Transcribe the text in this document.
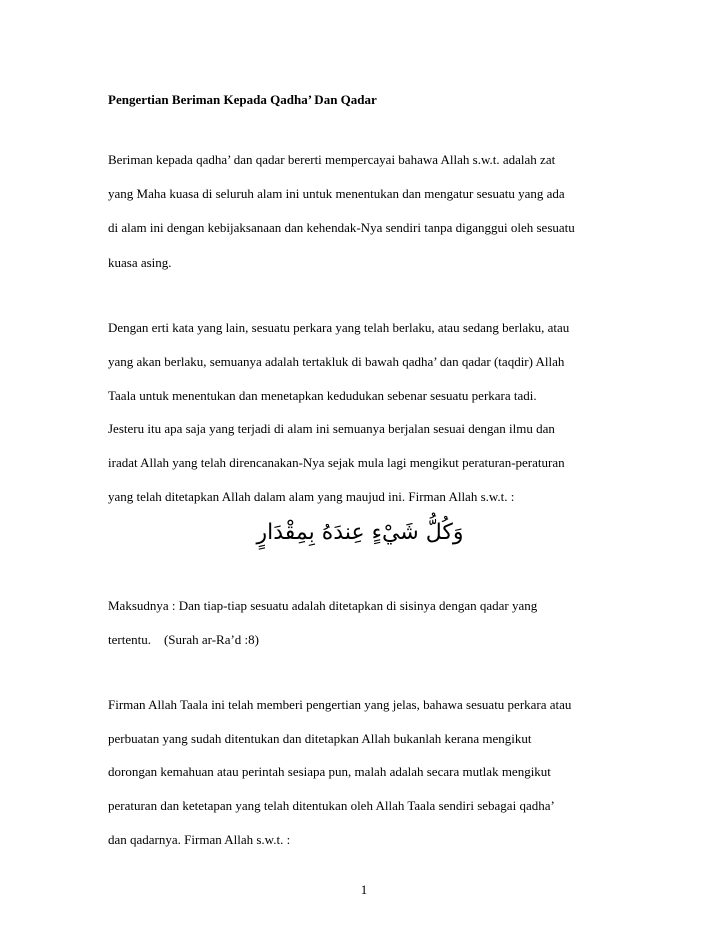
Pengertian Beriman Kepada Qadha’ Dan Qadar
Beriman kepada qadha’ dan qadar bererti mempercayai bahawa Allah s.w.t. adalah zat
yang Maha kuasa di seluruh alam ini untuk menentukan dan mengatur sesuatu yang ada
di alam ini dengan kebijaksanaan dan kehendak-Nya sendiri tanpa diganggui oleh sesuatu
kuasa asing.
Dengan erti kata yang lain, sesuatu perkara yang telah berlaku, atau sedang berlaku, atau
yang akan berlaku, semuanya adalah tertakluk di bawah qadha’ dan qadar (taqdir) Allah
Taala untuk menentukan dan menetapkan kedudukan sebenar sesuatu perkara tadi.
Jesteru itu apa saja yang terjadi di alam ini semuanya berjalan sesuai dengan ilmu dan
iradat Allah yang telah direncanakan-Nya sejak mula lagi mengikut peraturan-peraturan
yang telah ditetapkan Allah dalam alam yang maujud ini. Firman Allah s.w.t. :
وَكُلُّ شَيْءٍ عِندَهُ بِمِقْدَارٍ
Maksudnya : Dan tiap-tiap sesuatu adalah ditetapkan di sisinya dengan qadar yang
tertentu.    (Surah ar-Ra’d :8)
Firman Allah Taala ini telah memberi pengertian yang jelas, bahawa sesuatu perkara atau
perbuatan yang sudah ditentukan dan ditetapkan Allah bukanlah kerana mengikut
dorongan kemahuan atau perintah sesiapa pun, malah adalah secara mutlak mengikut
peraturan dan ketetapan yang telah ditentukan oleh Allah Taala sendiri sebagai qadha’
dan qadarnya. Firman Allah s.w.t. :
1
